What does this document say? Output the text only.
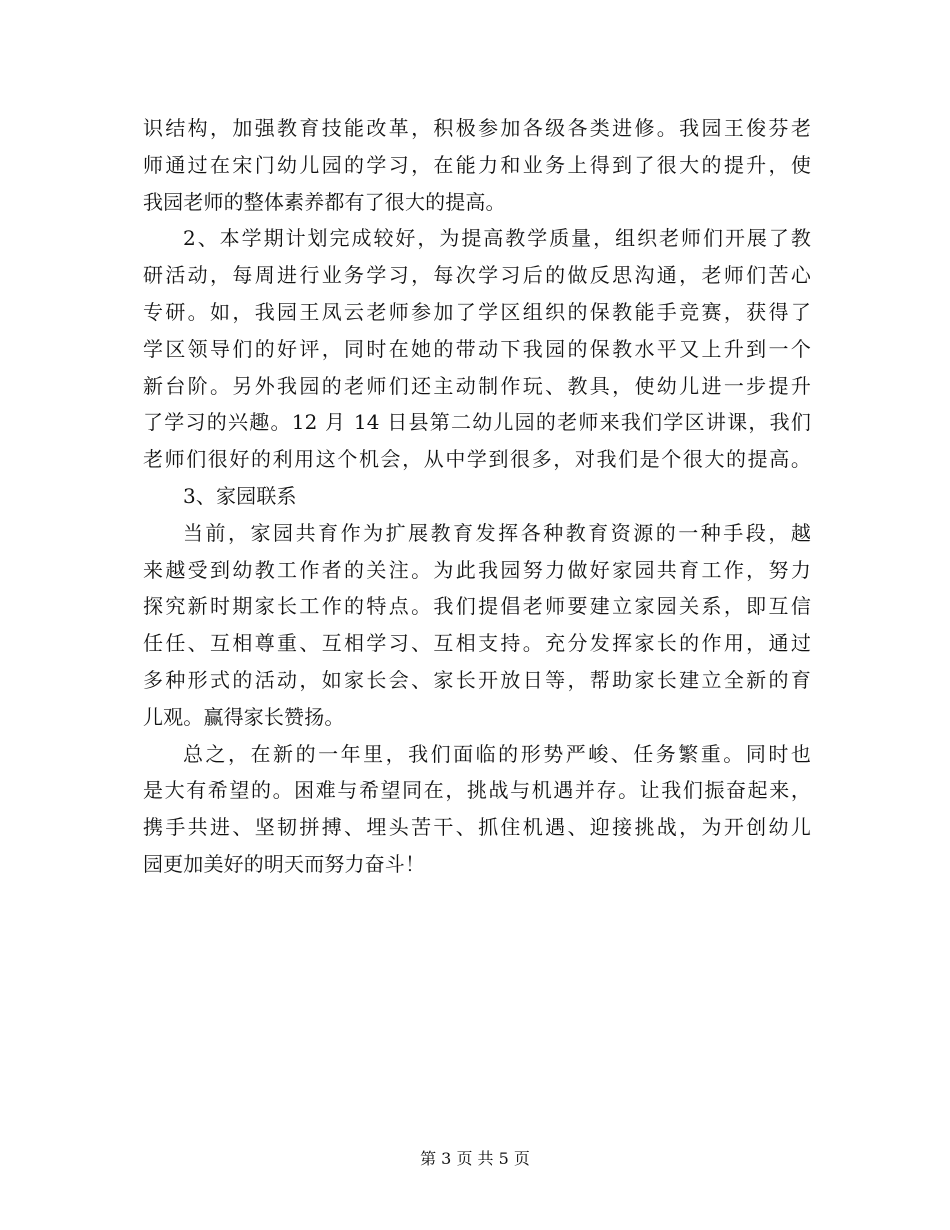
识结构，加强教育技能改革，积极参加各级各类进修。我园王俊芬老
师通过在宋门幼儿园的学习，在能力和业务上得到了很大的提升，使
我园老师的整体素养都有了很大的提高。
2、本学期计划完成较好，为提高教学质量，组织老师们开展了教
研活动，每周进行业务学习，每次学习后的做反思沟通，老师们苦心
专研。如，我园王凤云老师参加了学区组织的保教能手竞赛，获得了
学区领导们的好评，同时在她的带动下我园的保教水平又上升到一个
新台阶。另外我园的老师们还主动制作玩、教具，使幼儿进一步提升
了学习的兴趣。12 月 14 日县第二幼儿园的老师来我们学区讲课，我们
老师们很好的利用这个机会，从中学到很多，对我们是个很大的提高。
3、家园联系
当前，家园共育作为扩展教育发挥各种教育资源的一种手段，越
来越受到幼教工作者的关注。为此我园努力做好家园共育工作，努力
探究新时期家长工作的特点。我们提倡老师要建立家园关系，即互信
任任、互相尊重、互相学习、互相支持。充分发挥家长的作用，通过
多种形式的活动，如家长会、家长开放日等，帮助家长建立全新的育
儿观。赢得家长赞扬。
总之，在新的一年里，我们面临的形势严峻、任务繁重。同时也
是大有希望的。困难与希望同在，挑战与机遇并存。让我们振奋起来，
携手共进、坚韧拼搏、埋头苦干、抓住机遇、迎接挑战，为开创幼儿
园更加美好的明天而努力奋斗！
第 3 页 共 5 页
